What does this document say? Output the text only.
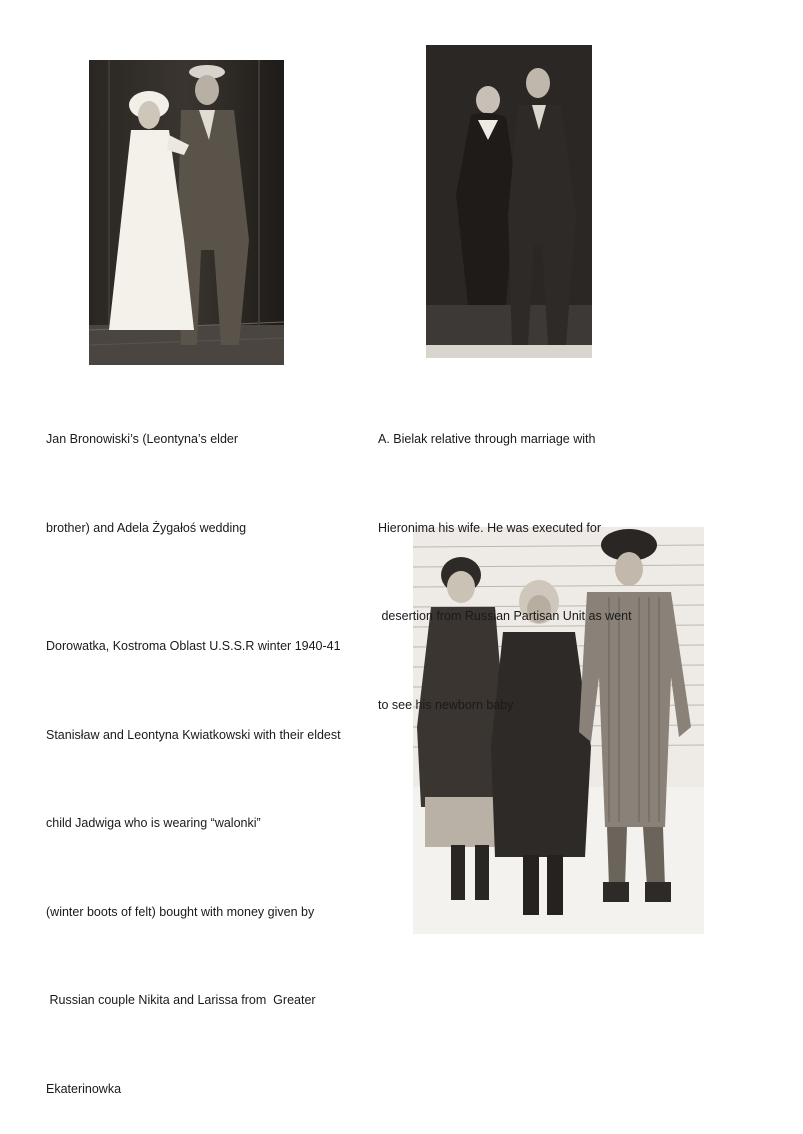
Jan Bronowiski’s (Leontyna’s elder

brother) and Adela Żygałoś wedding

A. Bielak relative through marriage with

Hieronima his wife. He was executed for

desertion from Russian Partisan Unit as went

to see his newborn baby

Dorowatka, Kostroma Oblast U.S.S.R winter 1940-41

Stanisław and Leontyna Kwiatkowski with their eldest

child Jadwiga who is wearing “walonki”

(winter boots of felt) bought with money given by

Russian couple Nikita and Larissa from  Greater

Ekaterinowka
